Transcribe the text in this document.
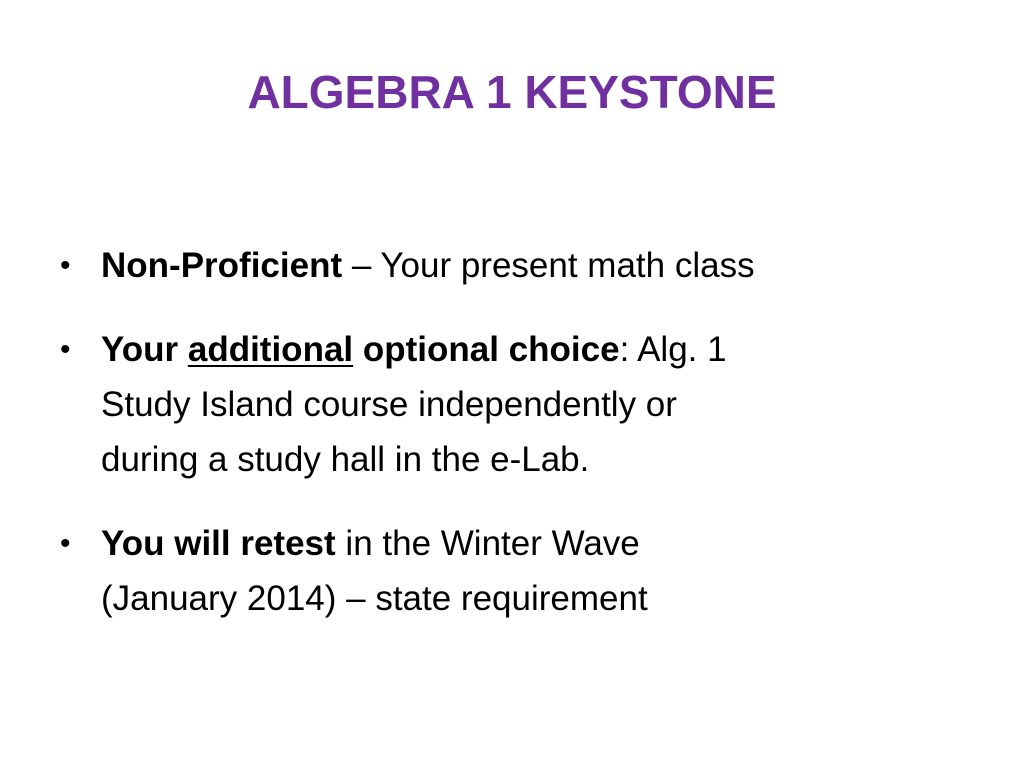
ALGEBRA 1 KEYSTONE
• Non-Proficient – Your present math class
• Your additional optional choice: Alg. 1
Study Island course independently or
during a study hall in the e-Lab.
• You will retest in the Winter Wave
(January 2014) – state requirement
